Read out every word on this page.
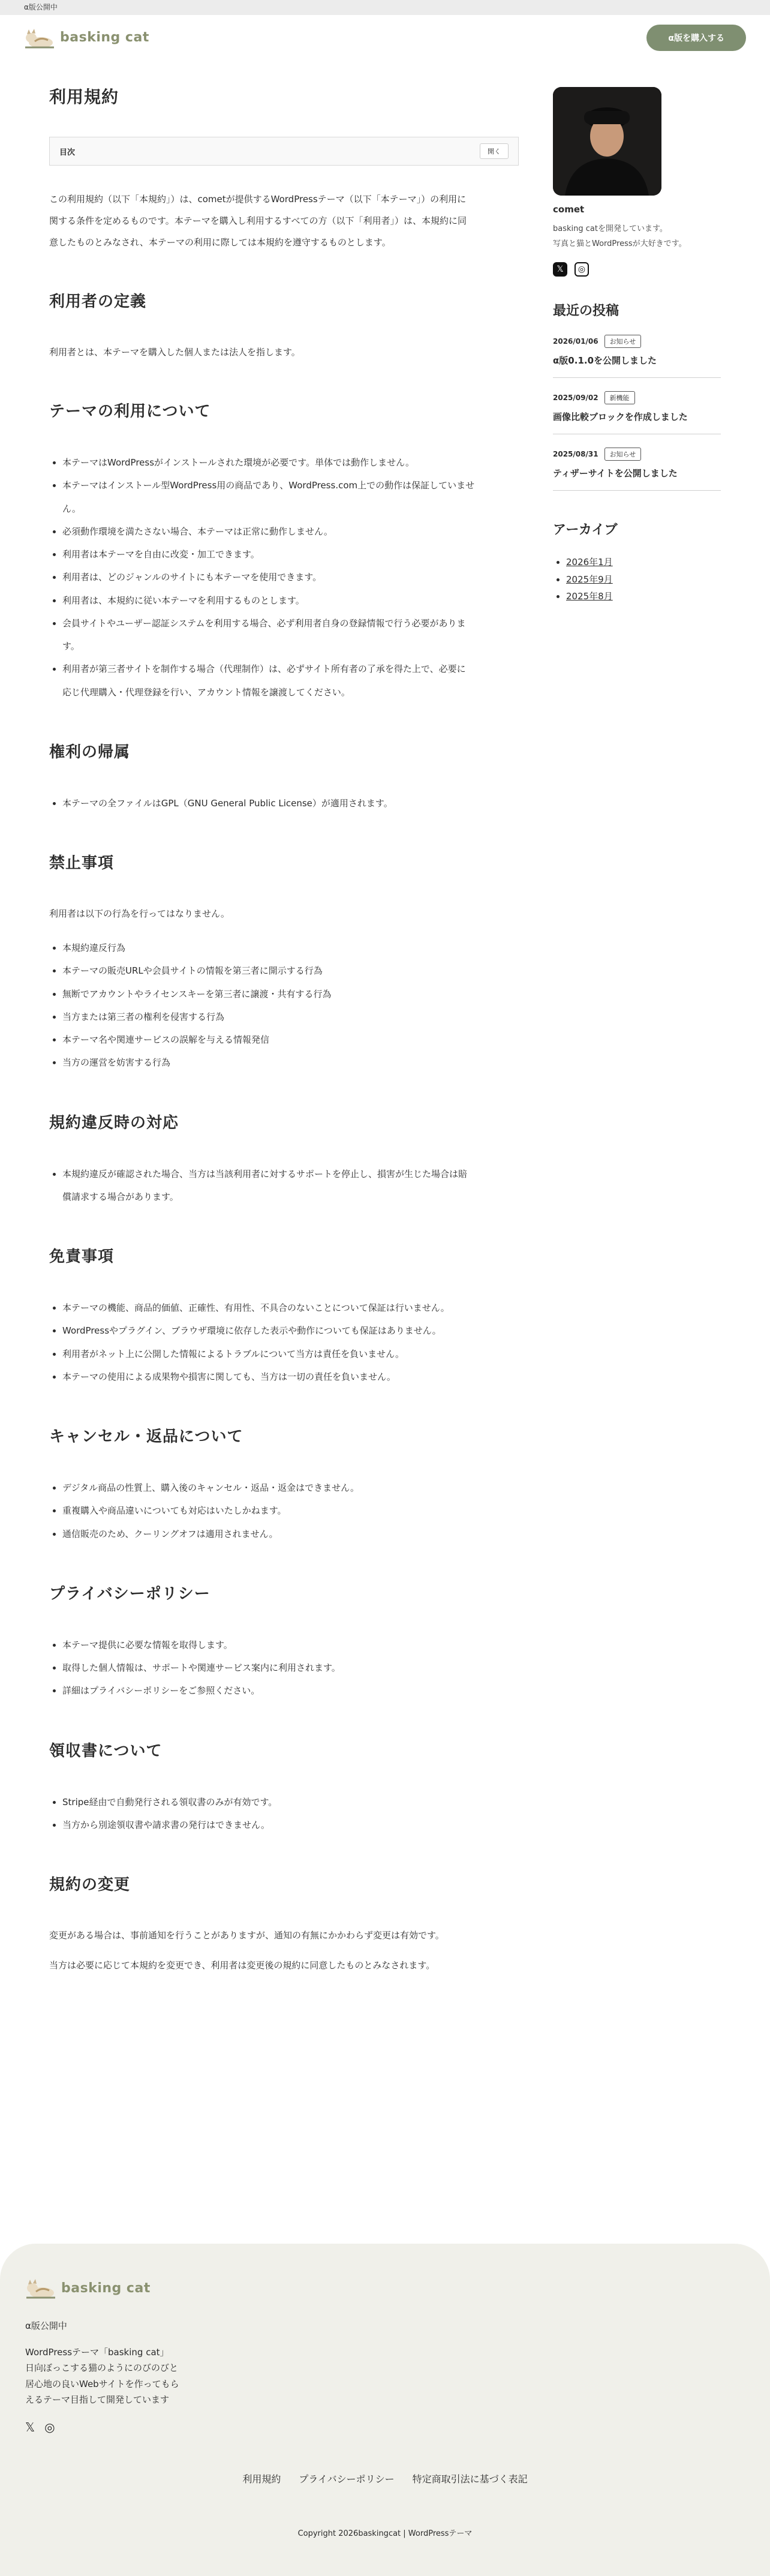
α版公開中
basking cat	α版を購入する
利用規約
目次	開く

この利用規約（以下「本規約」）は、cometが提供するWordPressテーマ（以下「本テーマ」）の利用に
関する条件を定めるものです。本テーマを購入し利用するすべての方（以下「利用者」）は、本規約に同
意したものとみなされ、本テーマの利用に際しては本規約を遵守するものとします。

利用者の定義

利用者とは、本テーマを購入した個人または法人を指します。

テーマの利用について
• 本テーマはWordPressがインストールされた環境が必要です。単体では動作しません。
• 本テーマはインストール型WordPress用の商品であり、WordPress.com上での動作は保証していませ
ん。
• 必須動作環境を満たさない場合、本テーマは正常に動作しません。
• 利用者は本テーマを自由に改変・加工できます。
• 利用者は、どのジャンルのサイトにも本テーマを使用できます。
• 利用者は、本規約に従い本テーマを利用するものとします。
• 会員サイトやユーザー認証システムを利用する場合、必ず利用者自身の登録情報で行う必要がありま
す。
• 利用者が第三者サイトを制作する場合（代理制作）は、必ずサイト所有者の了承を得た上で、必要に
応じ代理購入・代理登録を行い、アカウント情報を譲渡してください。
権利の帰属
• 本テーマの全ファイルはGPL（GNU General Public License）が適用されます。
禁止事項

利用者は以下の行為を行ってはなりません。

• 本規約違反行為
• 本テーマの販売URLや会員サイトの情報を第三者に開示する行為
• 無断でアカウントやライセンスキーを第三者に譲渡・共有する行為
• 当方または第三者の権利を侵害する行為
• 本テーマ名や関連サービスの誤解を与える情報発信
• 当方の運営を妨害する行為
規約違反時の対応
• 本規約違反が確認された場合、当方は当該利用者に対するサポートを停止し、損害が生じた場合は賠
償請求する場合があります。
免責事項
• 本テーマの機能、商品的価値、正確性、有用性、不具合のないことについて保証は行いません。
• WordPressやプラグイン、ブラウザ環境に依存した表示や動作についても保証はありません。
• 利用者がネット上に公開した情報によるトラブルについて当方は責任を負いません。
• 本テーマの使用による成果物や損害に関しても、当方は一切の責任を負いません。
キャンセル・返品について
• デジタル商品の性質上、購入後のキャンセル・返品・返金はできません。
• 重複購入や商品違いについても対応はいたしかねます。
• 通信販売のため、クーリングオフは適用されません。
プライバシーポリシー
• 本テーマ提供に必要な情報を取得します。
• 取得した個人情報は、サポートや関連サービス案内に利用されます。
• 詳細はプライバシーポリシーをご参照ください。
領収書について
• Stripe経由で自動発行される領収書のみが有効です。
• 当方から別途領収書や請求書の発行はできません。
規約の変更

変更がある場合は、事前通知を行うことがありますが、通知の有無にかかわらず変更は有効です。

当方は必要に応じて本規約を変更でき、利用者は変更後の規約に同意したものとみなされます。

comet
basking catを開発しています。
写真と猫とWordPressが大好きです。
𝕏	◎
最近の投稿
2026/01/06	お知らせ
α版0.1.0を公開しました
2025/09/02	新機能
画像比較ブロックを作成しました
2025/08/31	お知らせ
ティザーサイトを公開しました
アーカイブ
• 2026年1月
• 2025年9月
• 2025年8月
basking cat
α版公開中
WordPressテーマ「basking cat」
日向ぼっこする猫のようにのびのびと
居心地の良いWebサイトを作ってもら
えるテーマ目指して開発しています
𝕏 ◎
利用規約 プライバシーポリシー 特定商取引法に基づく表記
Copyright 2026baskingcat | WordPressテーマ
